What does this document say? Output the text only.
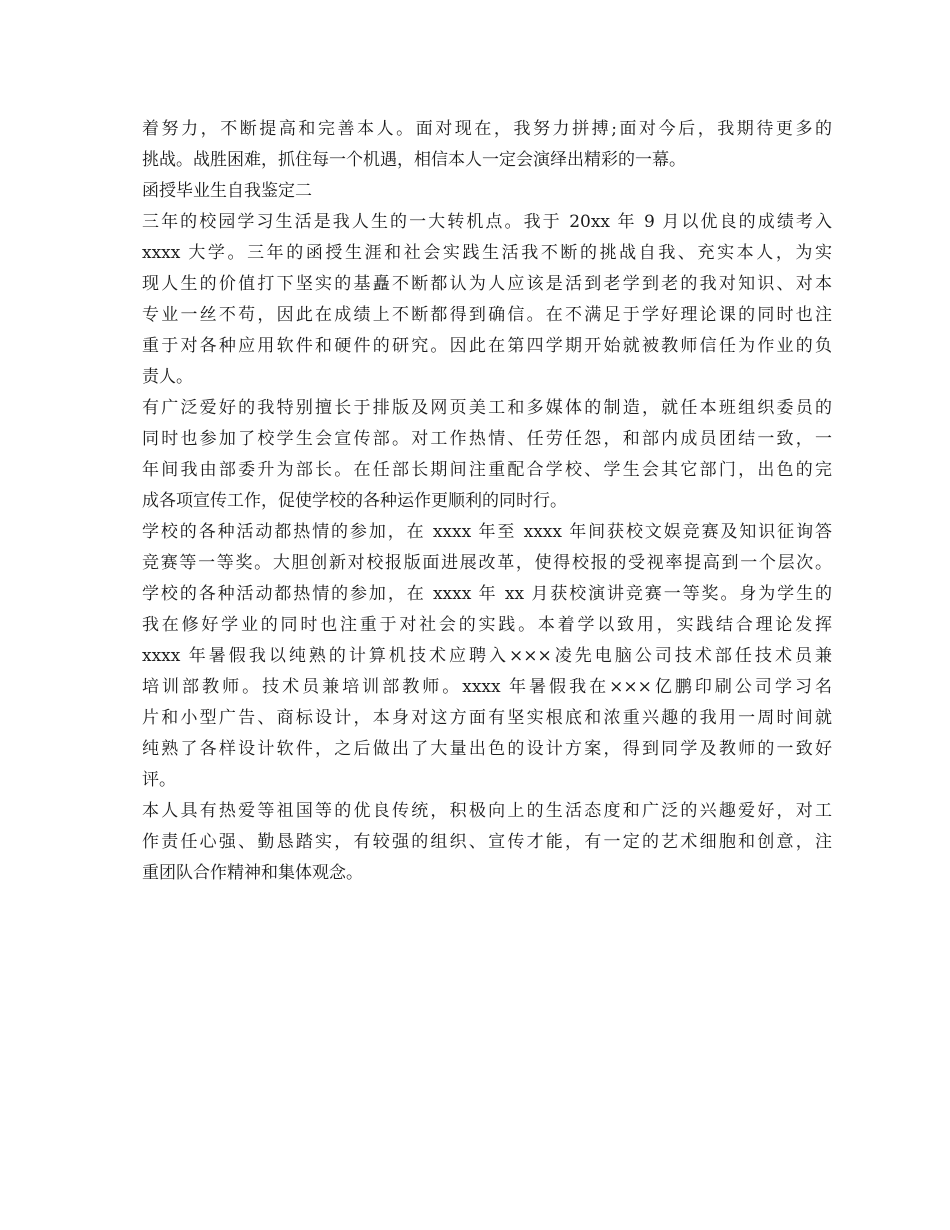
着努力，不断提高和完善本人。面对现在，我努力拼搏;面对今后，我期待更多的
挑战。战胜困难，抓住每一个机遇，相信本人一定会演绎出精彩的一幕。
函授毕业生自我鉴定二
三年的校园学习生活是我人生的一大转机点。我于 20xx 年 9 月以优良的成绩考入
xxxx 大学。三年的函授生涯和社会实践生活我不断的挑战自我、充实本人，为实
现人生的价值打下坚实的基矗不断都认为人应该是活到老学到老的我对知识、对本
专业一丝不苟，因此在成绩上不断都得到确信。在不满足于学好理论课的同时也注
重于对各种应用软件和硬件的研究。因此在第四学期开始就被教师信任为作业的负
责人。
有广泛爱好的我特别擅长于排版及网页美工和多媒体的制造，就任本班组织委员的
同时也参加了校学生会宣传部。对工作热情、任劳任怨，和部内成员团结一致，一
年间我由部委升为部长。在任部长期间注重配合学校、学生会其它部门，出色的完
成各项宣传工作，促使学校的各种运作更顺利的同时行。
学校的各种活动都热情的参加，在 xxxx 年至 xxxx 年间获校文娱竞赛及知识征询答
竞赛等一等奖。大胆创新对校报版面进展改革，使得校报的受视率提高到一个层次。
学校的各种活动都热情的参加，在 xxxx 年 xx 月获校演讲竞赛一等奖。身为学生的
我在修好学业的同时也注重于对社会的实践。本着学以致用，实践结合理论发挥
xxxx 年暑假我以纯熟的计算机技术应聘入×××凌先电脑公司技术部任技术员兼
培训部教师。技术员兼培训部教师。xxxx 年暑假我在×××亿鹏印刷公司学习名
片和小型广告、商标设计，本身对这方面有坚实根底和浓重兴趣的我用一周时间就
纯熟了各样设计软件，之后做出了大量出色的设计方案，得到同学及教师的一致好
评。
本人具有热爱等祖国等的优良传统，积极向上的生活态度和广泛的兴趣爱好，对工
作责任心强、勤恳踏实，有较强的组织、宣传才能，有一定的艺术细胞和创意，注
重团队合作精神和集体观念。
